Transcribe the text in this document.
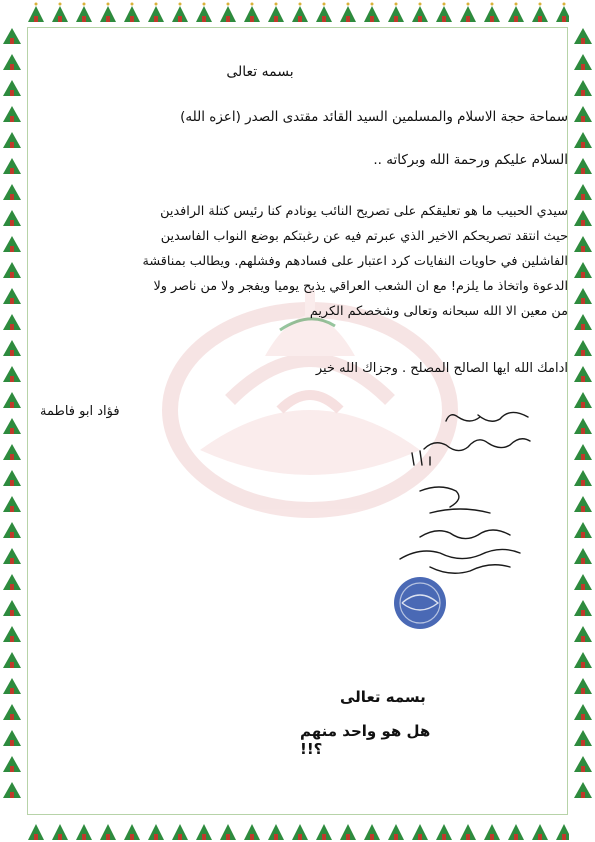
بسمه تعالى
سماحة حجة الاسلام والمسلمين السيد القائد مقتدى الصدر (اعزه الله)
السلام عليكم ورحمة الله وبركاته ..
سيدي الحبيب ما هو تعليقكم على تصريح النائب يونادم كنا رئيس كتلة الرافدين
حيث انتقد تصريحكم الاخير الذي عبرتم فيه عن رغبتكم بوضع النواب الفاسدين
الفاشلين في حاويات النفايات كرد اعتبار على فسادهم وفشلهم. ويطالب بمناقشة
الدعوة واتخاذ ما يلزم! مع ان الشعب العراقي يذبح يوميا ويفجر ولا من ناصر ولا
من معين الا الله سبحانه وتعالى وشخصكم الكريم
ادامك الله ايها الصالح المصلح . وجزاك الله خير
فؤاد ابو فاطمة
بسمه تعالى
هل هو واحد منهم ؟!!
